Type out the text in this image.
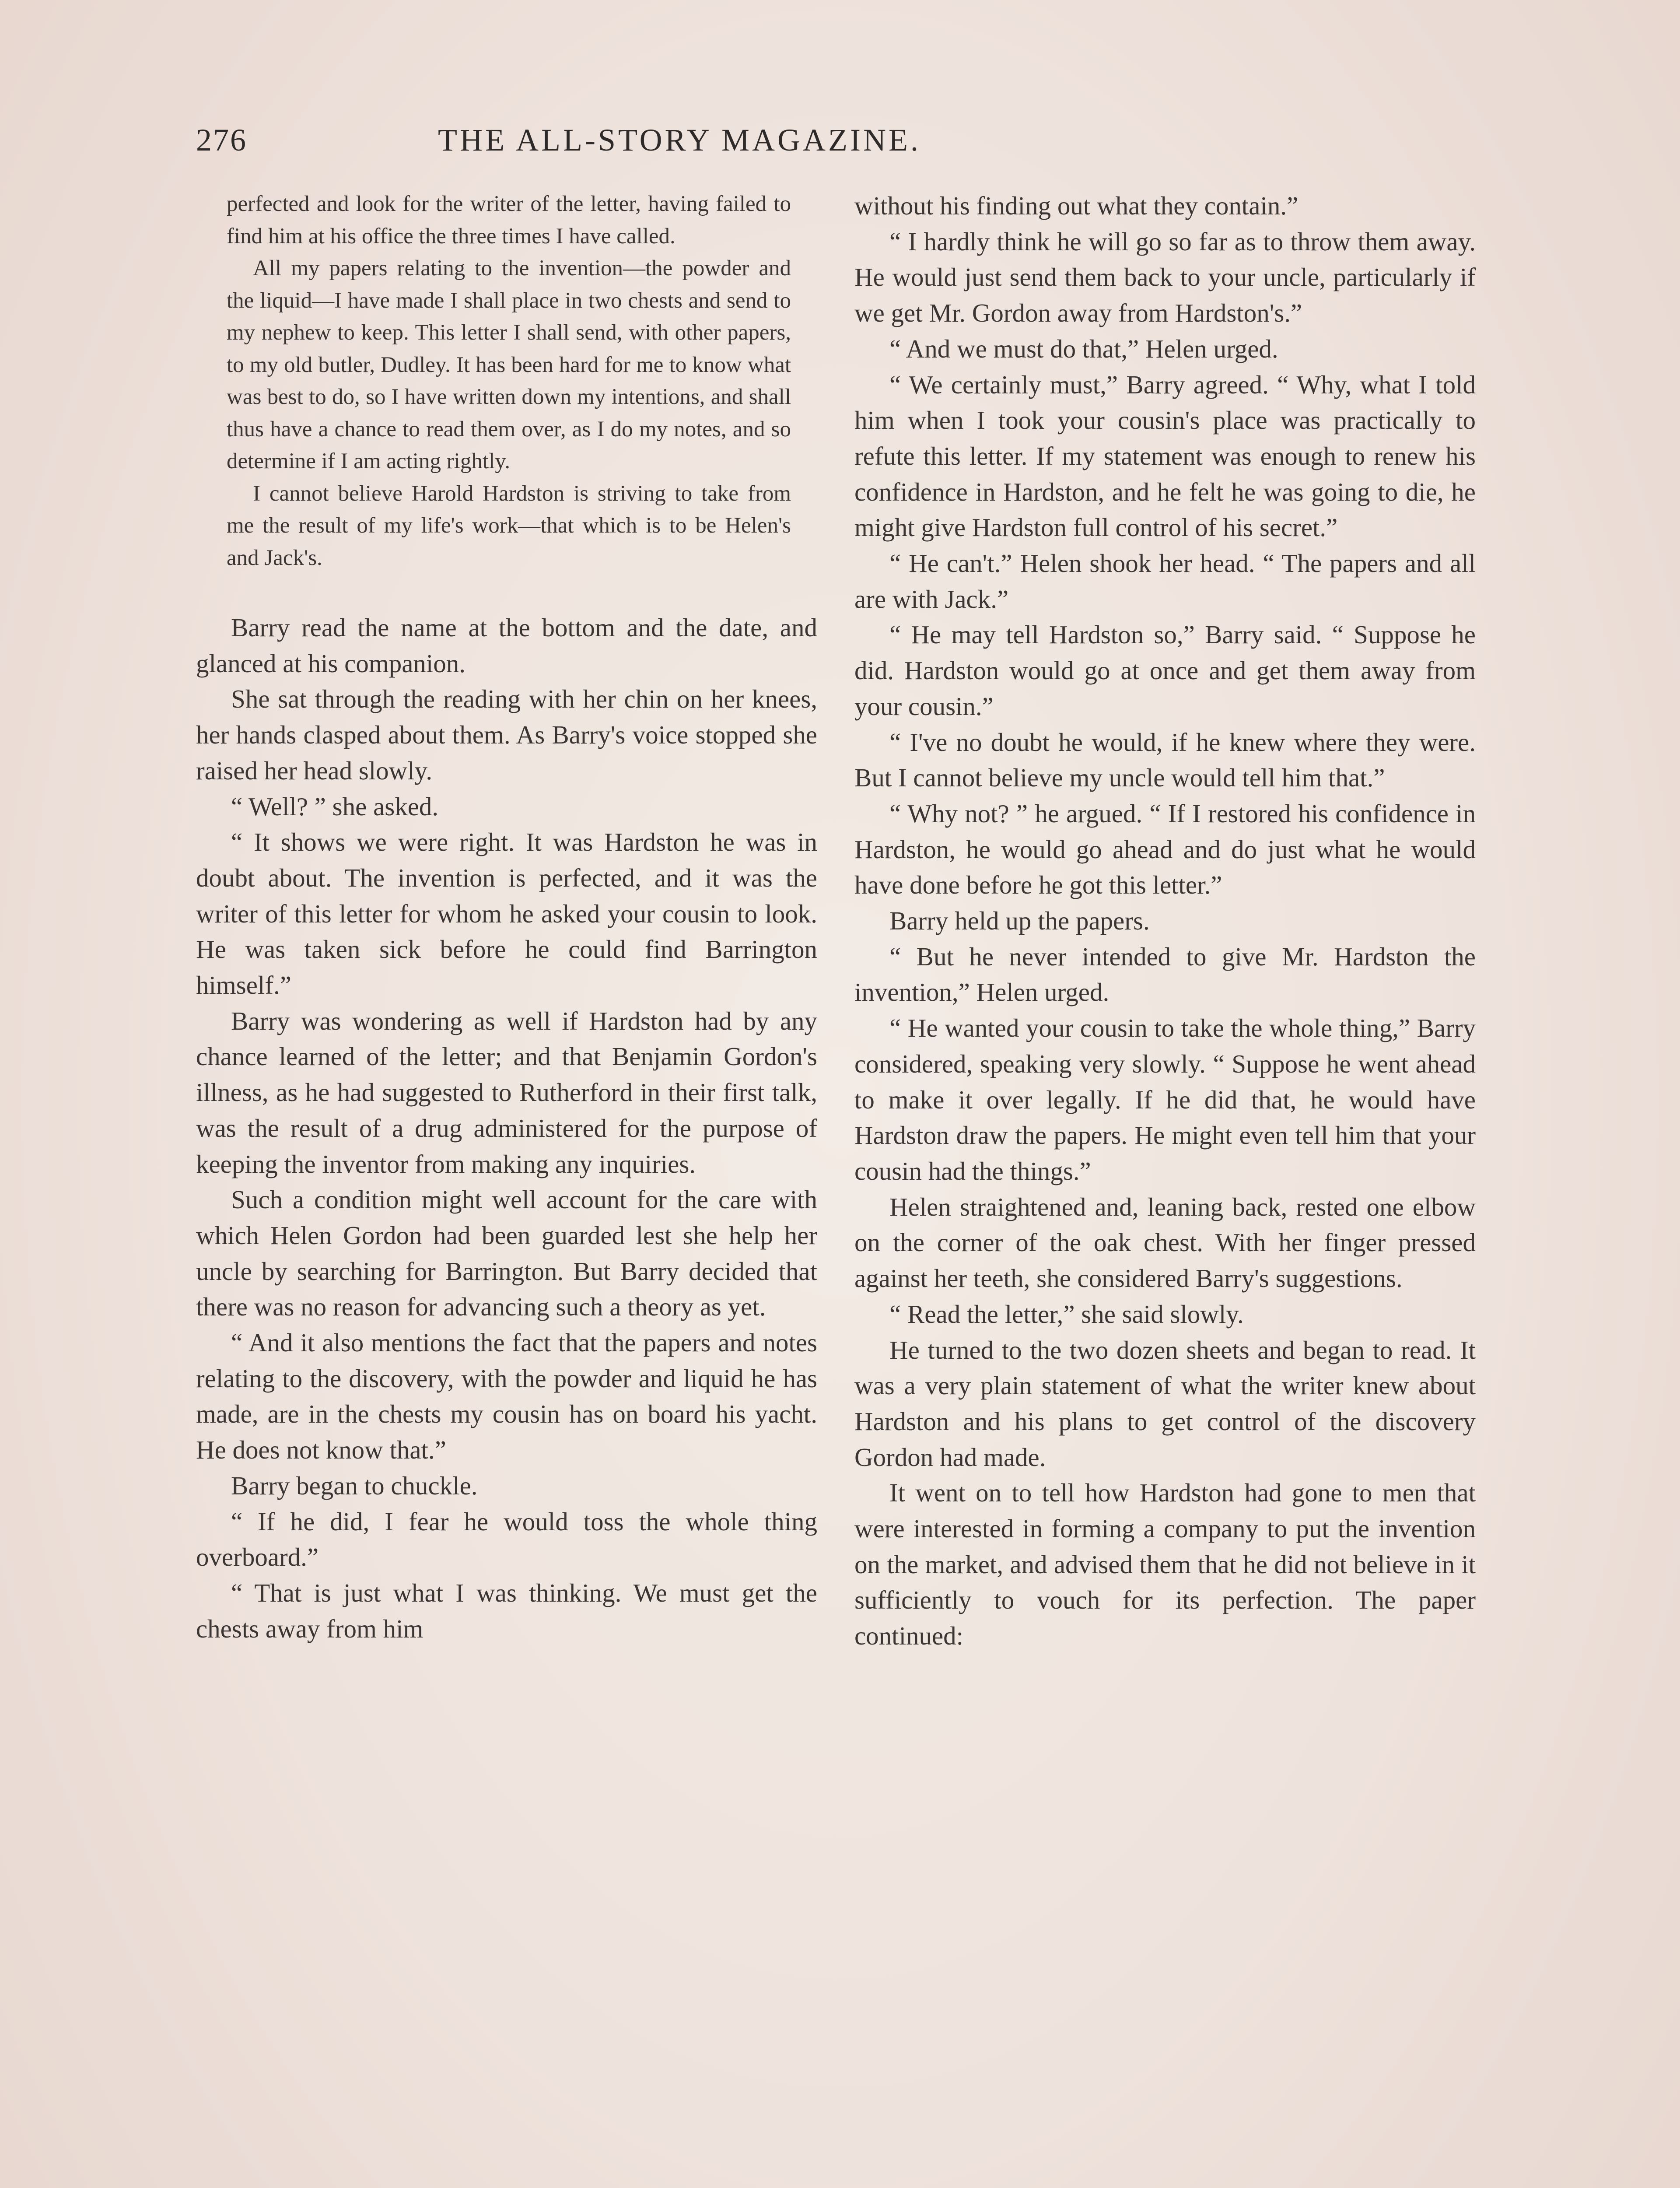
276	THE ALL-STORY MAGAZINE.

perfected and look for the writer of the letter, having failed to find him at his office the three times I have called.

All my papers relating to the invention—the powder and the liquid—I have made I shall place in two chests and send to my nephew to keep. This letter I shall send, with other papers, to my old butler, Dudley. It has been hard for me to know what was best to do, so I have written down my intentions, and shall thus have a chance to read them over, as I do my notes, and so determine if I am acting rightly.

I cannot believe Harold Hardston is striving to take from me the result of my life's work—that which is to be Helen's and Jack's.

Barry read the name at the bottom and the date, and glanced at his companion.

She sat through the reading with her chin on her knees, her hands clasped about them. As Barry's voice stopped she raised her head slowly.

“ Well? ” she asked.

“ It shows we were right. It was Hardston he was in doubt about. The invention is perfected, and it was the writer of this letter for whom he asked your cousin to look. He was taken sick before he could find Barrington himself.”

Barry was wondering as well if Hardston had by any chance learned of the letter; and that Benjamin Gordon's illness, as he had suggested to Rutherford in their first talk, was the result of a drug administered for the purpose of keeping the inventor from making any inquiries.

Such a condition might well account for the care with which Helen Gordon had been guarded lest she help her uncle by searching for Barrington. But Barry decided that there was no reason for advancing such a theory as yet.

“ And it also mentions the fact that the papers and notes relating to the discovery, with the powder and liquid he has made, are in the chests my cousin has on board his yacht. He does not know that.”

Barry began to chuckle.

“ If he did, I fear he would toss the whole thing overboard.”

“ That is just what I was thinking. We must get the chests away from him

without his finding out what they contain.”

“ I hardly think he will go so far as to throw them away. He would just send them back to your uncle, particularly if we get Mr. Gordon away from Hardston's.”

“ And we must do that,” Helen urged.

“ We certainly must,” Barry agreed. “ Why, what I told him when I took your cousin's place was practically to refute this letter. If my statement was enough to renew his confidence in Hardston, and he felt he was going to die, he might give Hardston full control of his secret.”

“ He can't.” Helen shook her head. “ The papers and all are with Jack.”

“ He may tell Hardston so,” Barry said. “ Suppose he did. Hardston would go at once and get them away from your cousin.”

“ I've no doubt he would, if he knew where they were. But I cannot believe my uncle would tell him that.”

“ Why not? ” he argued. “ If I restored his confidence in Hardston, he would go ahead and do just what he would have done before he got this letter.”

Barry held up the papers.

“ But he never intended to give Mr. Hardston the invention,” Helen urged.

“ He wanted your cousin to take the whole thing,” Barry considered, speaking very slowly. “ Suppose he went ahead to make it over legally. If he did that, he would have Hardston draw the papers. He might even tell him that your cousin had the things.”

Helen straightened and, leaning back, rested one elbow on the corner of the oak chest. With her finger pressed against her teeth, she considered Barry's suggestions.

“ Read the letter,” she said slowly.

He turned to the two dozen sheets and began to read. It was a very plain statement of what the writer knew about Hardston and his plans to get control of the discovery Gordon had made.

It went on to tell how Hardston had gone to men that were interested in forming a company to put the invention on the market, and advised them that he did not believe in it sufficiently to vouch for its perfection. The paper continued:
